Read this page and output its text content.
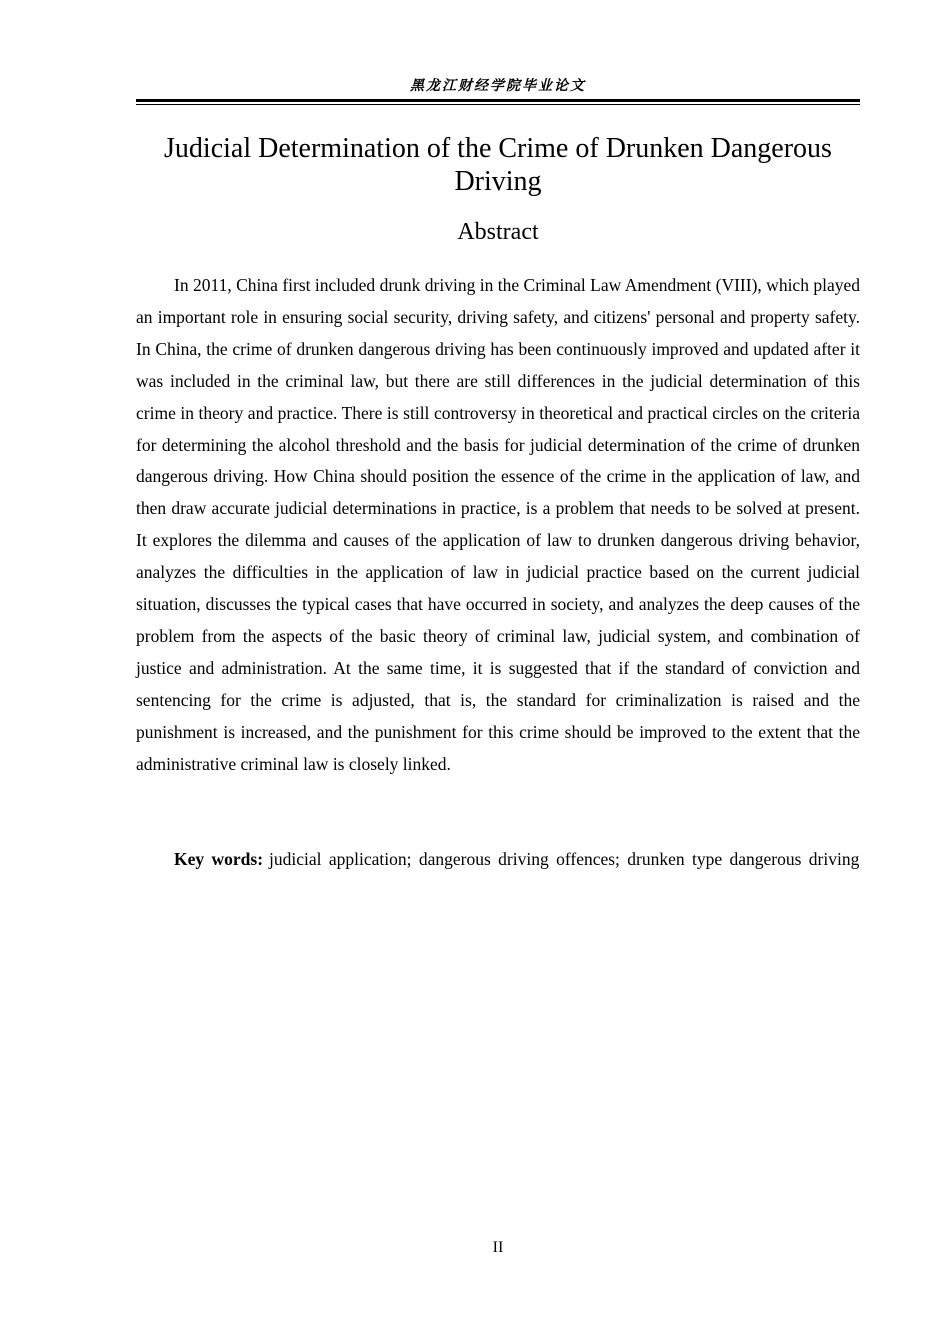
黑龙江财经学院毕业论文
Judicial Determination of the Crime of Drunken Dangerous Driving
Abstract

In 2011, China first included drunk driving in the Criminal Law Amendment (VIII), which played an important role in ensuring social security, driving safety, and citizens' personal and property safety. In China, the crime of drunken dangerous driving has been continuously improved and updated after it was included in the criminal law, but there are still differences in the judicial determination of this crime in theory and practice. There is still controversy in theoretical and practical circles on the criteria for determining the alcohol threshold and the basis for judicial determination of the crime of drunken dangerous driving. How China should position the essence of the crime in the application of law, and then draw accurate judicial determinations in practice, is a problem that needs to be solved at present. It explores the dilemma and causes of the application of law to drunken dangerous driving behavior, analyzes the difficulties in the application of law in judicial practice based on the current judicial situation, discusses the typical cases that have occurred in society, and analyzes the deep causes of the problem from the aspects of the basic theory of criminal law, judicial system, and combination of justice and administration. At the same time, it is suggested that if the standard of conviction and sentencing for the crime is adjusted, that is, the standard for criminalization is raised and the punishment is increased, and the punishment for this crime should be improved to the extent that the administrative criminal law is closely linked.

Key words: judicial application; dangerous driving offences; drunken type dangerous driving

II
